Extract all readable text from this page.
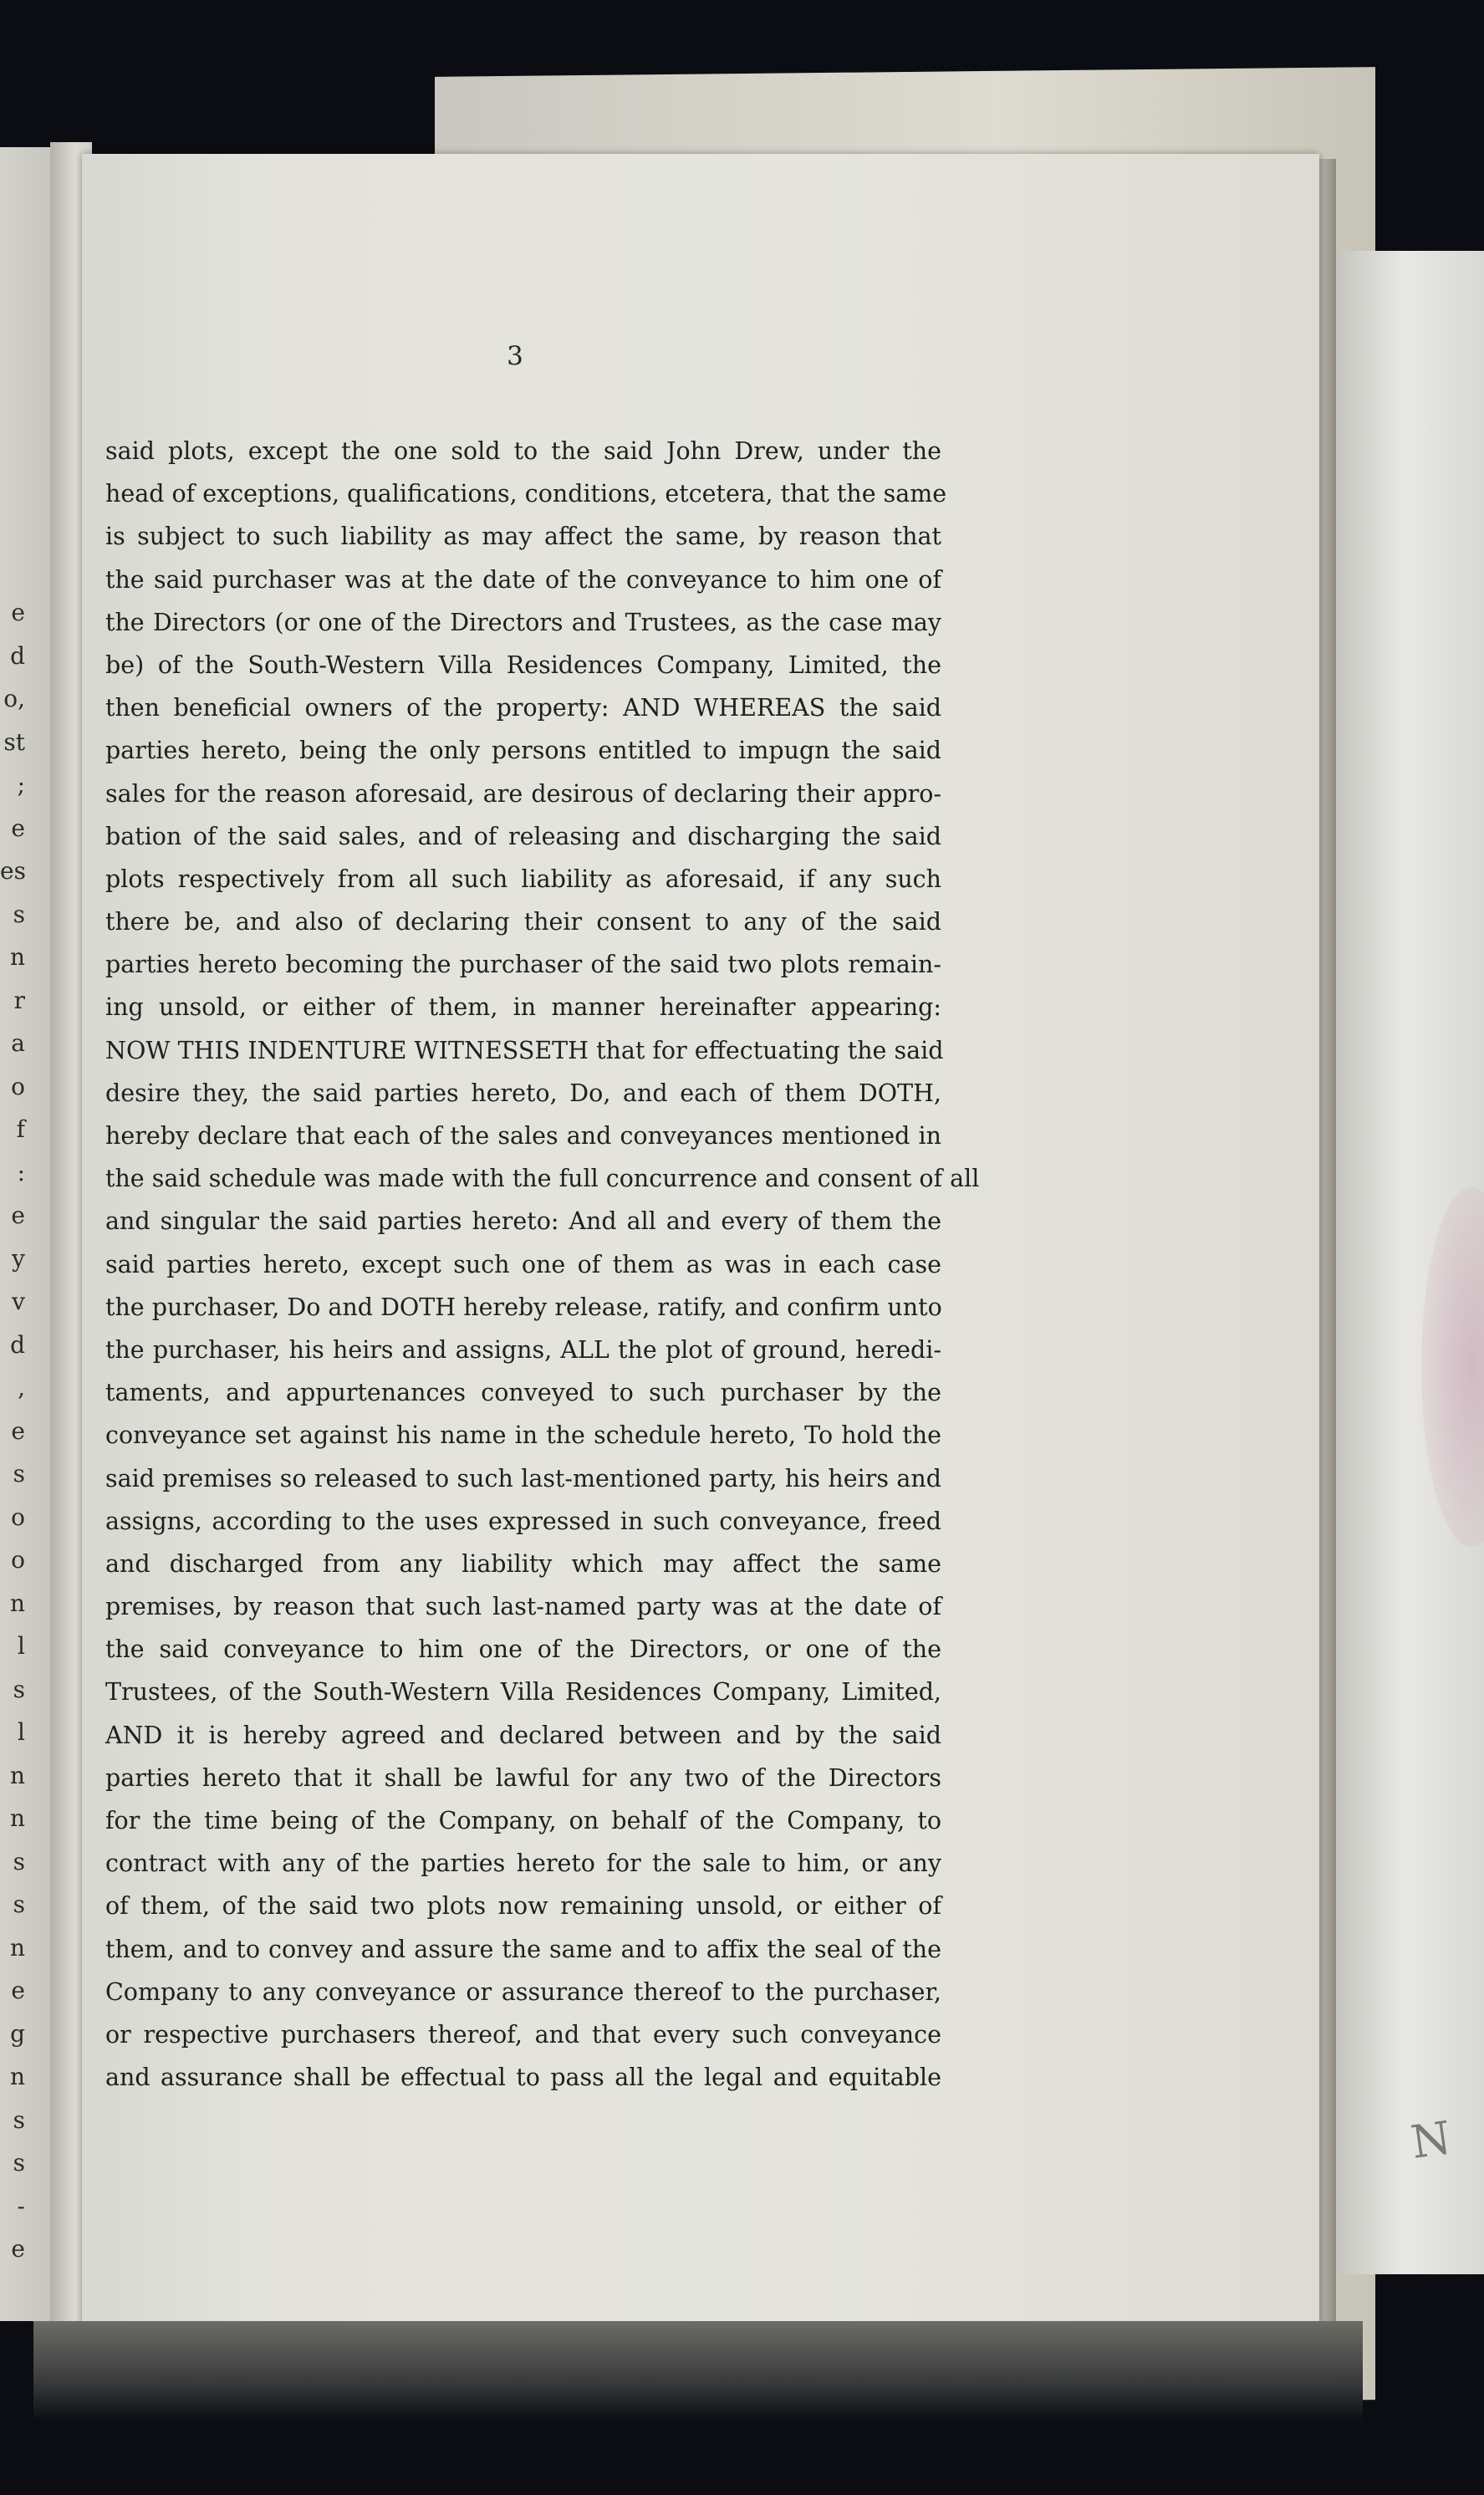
N
e
d
o,
st
;
e
es
s
n
r
a
o
f
:
e
y
v
d
,
e
s
o
o
n
l
s
l
n
n
s
s
n
e
g
n
s
s
-
e
3
said plots, except the one sold to the said John Drew, under the
head of exceptions, qualifications, conditions, etcetera, that the same
is subject to such liability as may affect the same, by reason that
the said purchaser was at the date of the conveyance to him one of
the Directors (or one of the Directors and Trustees, as the case may
be) of the South-Western Villa Residences Company, Limited, the
then beneficial owners of the property: AND WHEREAS the said
parties hereto, being the only persons entitled to impugn the said
sales for the reason aforesaid, are desirous of declaring their appro-
bation of the said sales, and of releasing and discharging the said
plots respectively from all such liability as aforesaid, if any such
there be, and also of declaring their consent to any of the said
parties hereto becoming the purchaser of the said two plots remain-
ing unsold, or either of them, in manner hereinafter appearing:
NOW THIS INDENTURE WITNESSETH that for effectuating the said
desire they, the said parties hereto, Do, and each of them DOTH,
hereby declare that each of the sales and conveyances mentioned in
the said schedule was made with the full concurrence and consent of all
and singular the said parties hereto: And all and every of them the
said parties hereto, except such one of them as was in each case
the purchaser, Do and DOTH hereby release, ratify, and confirm unto
the purchaser, his heirs and assigns, ALL the plot of ground, heredi-
taments, and appurtenances conveyed to such purchaser by the
conveyance set against his name in the schedule hereto, To hold the
said premises so released to such last-mentioned party, his heirs and
assigns, according to the uses expressed in such conveyance, freed
and discharged from any liability which may affect the same
premises, by reason that such last-named party was at the date of
the said conveyance to him one of the Directors, or one of the
Trustees, of the South-Western Villa Residences Company, Limited,
AND it is hereby agreed and declared between and by the said
parties hereto that it shall be lawful for any two of the Directors
for the time being of the Company, on behalf of the Company, to
contract with any of the parties hereto for the sale to him, or any
of them, of the said two plots now remaining unsold, or either of
them, and to convey and assure the same and to affix the seal of the
Company to any conveyance or assurance thereof to the purchaser,
or respective purchasers thereof, and that every such conveyance
and assurance shall be effectual to pass all the legal and equitable
